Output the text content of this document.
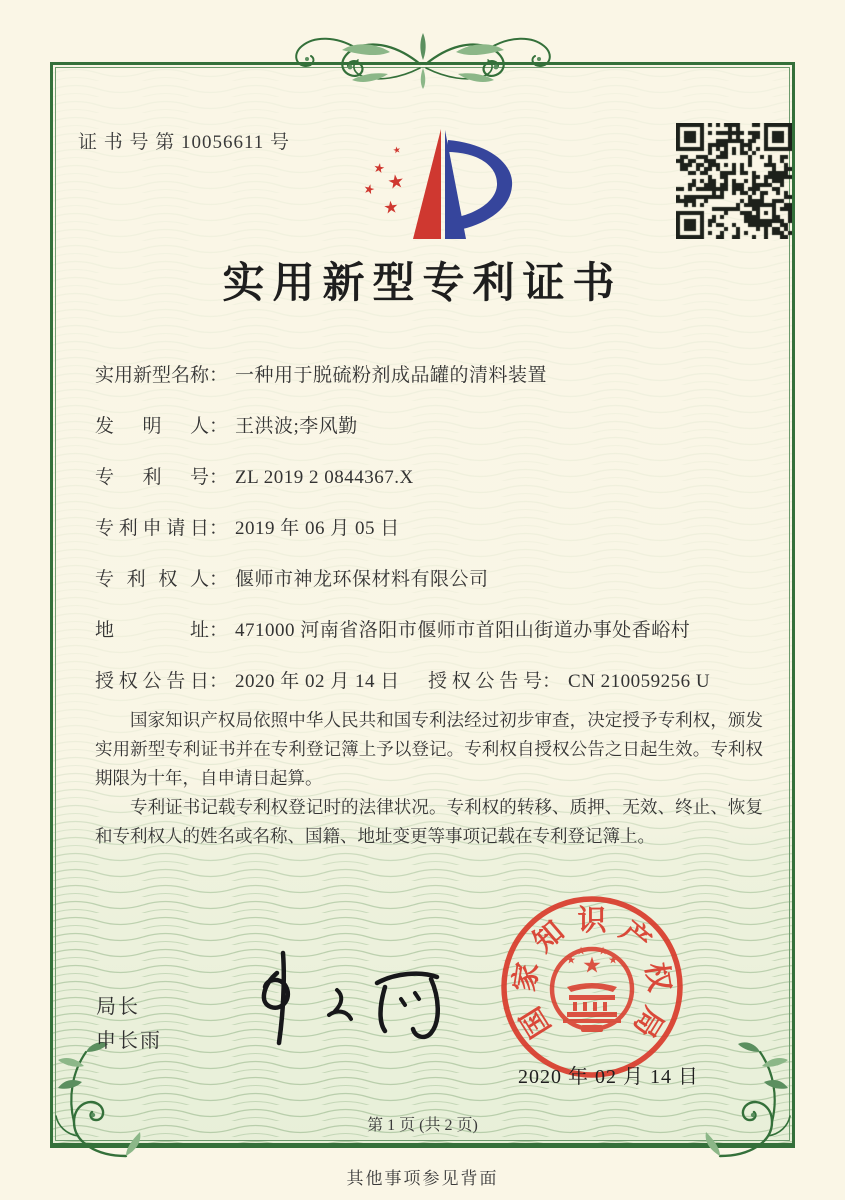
证 书 号 第 10056611 号	★
★
★
★
★
实用新型专利证书
实用新型名称： 一种用于脱硫粉剂成品罐的清料装置
发明人： 王洪波;李风勤
专利号： ZL 2019 2 0844367.X
专利申请日： 2019 年 06 月 05 日
专利权人： 偃师市神龙环保材料有限公司
地址： 471000 河南省洛阳市偃师市首阳山街道办事处香峪村
授权公告日： 2020 年 02 月 14 日 授权公告号： CN 210059256 U

国家知识产权局依照中华人民共和国专利法经过初步审查，决定授予专利权，颁发实用新型专利证书并在专利登记簿上予以登记。专利权自授权公告之日起生效。专利权期限为十年，自申请日起算。

专利证书记载专利权登记时的法律状况。专利权的转移、质押、无效、终止、恢复和专利权人的姓名或名称、国籍、地址变更等事项记载在专利登记簿上。

局长
申长雨	国
家
知 识 产
权
局
★
★
★ ★
★
2020 年 02 月 14 日
第 1 页 (共 2 页)
其他事项参见背面
